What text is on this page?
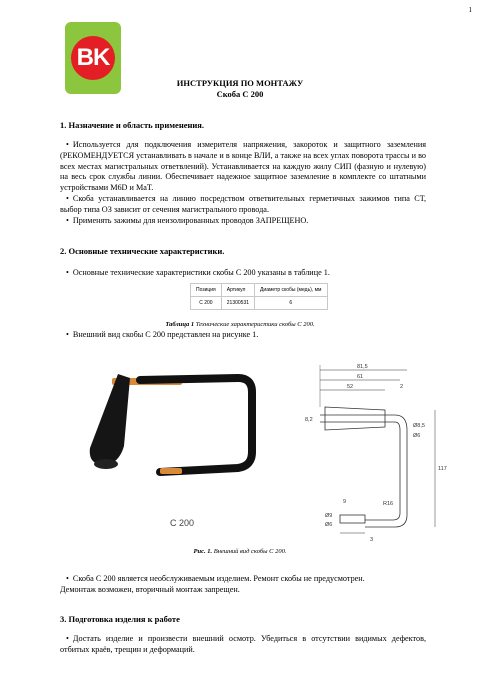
1
BK
ИНСТРУКЦИЯ ПО МОНТАЖУ
Скоба С 200
1. Назначение и область применения.
• Используется для подключения измерителя напряжения, закороток и защитного заземления (РЕКОМЕНДУЕТСЯ устанавливать в начале и в конце ВЛИ, а также на всех углах поворота трассы и во всех местах магистральных ответвлений). Устанавливается на каждую жилу СИП (фазную и нулевую) на весь срок службы линии. Обеспечивает надежное защитное заземление в комплекте со штатными устройствами M6D и MaT.
• Скоба устанавливается на линию посредством ответвительных герметичных зажимов типа СТ, выбор типа ОЗ зависит от сечения магистрального провода.
• Применять зажимы для неизолированных проводов ЗАПРЕЩЕНО.
2. Основные технические характеристики.
• Основные технические характеристики скобы С 200 указаны в таблице 1.
Позиция	Артикул	Диаметр скобы (медь), мм
С 200	21300531	6
Таблица 1 Технические характеристики скобы С 200.
• Внешний вид скобы С 200 представлен на рисунке 1.
C 200
81,5
61
52	2
8,2
Ø8,5
Ø6
117
9
Ø9
Ø6
R16
3
Рис. 1. Внешний вид скобы С 200.
• Скоба С 200 является необслуживаемым изделием. Ремонт скобы не предусмотрен.
Демонтаж возможен, вторичный монтаж запрещен.
3. Подготовка изделия к работе
• Достать изделие и произвести внешний осмотр. Убедиться в отсутствии видимых дефектов, отбитых краёв, трещин и деформаций.
